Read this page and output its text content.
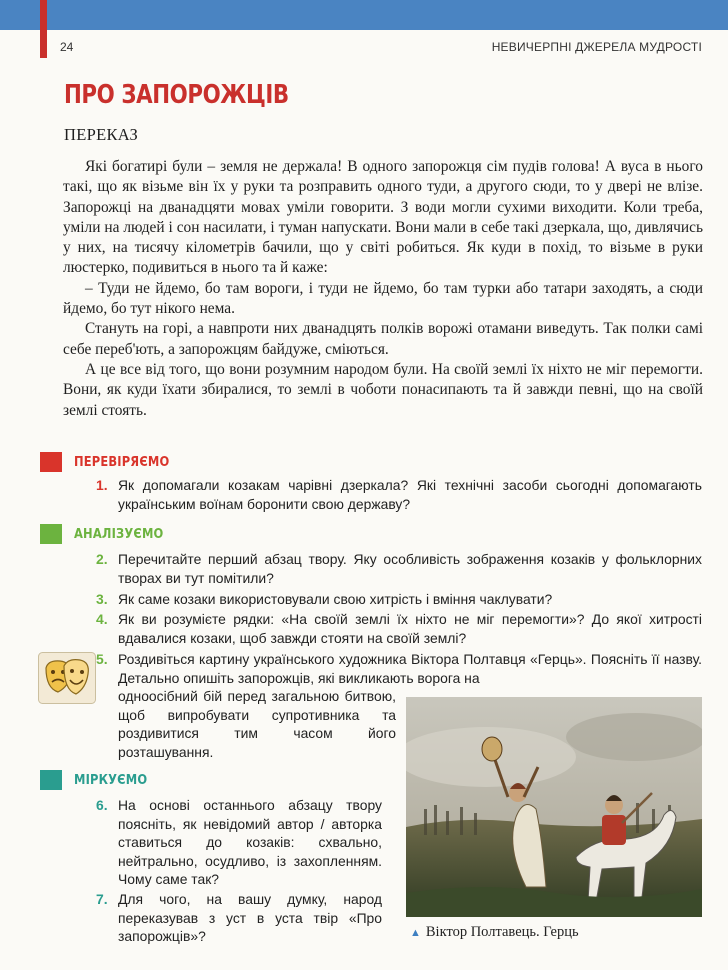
24	НЕВИЧЕРПНІ ДЖЕРЕЛА МУДРОСТІ
ПРО ЗАПОРОЖЦІВ
ПЕРЕКАЗ

Які богатирі були – земля не держала! В одного запорожця сім пудів голова! А вуса в нього такі, що як візьме він їх у руки та розправить одного туди, а другого сюди, то у двері не влізе. Запорожці на дванадцяти мовах уміли говорити. З води могли сухими виходити. Коли треба, уміли на людей і сон насилати, і туман напускати. Вони мали в себе такі дзеркала, що, дивлячись у них, на тисячу кілометрів бачили, що у світі робиться. Як куди в похід, то візьме в руки люстерко, подивиться в нього та й каже:

– Туди не йдемо, бо там вороги, і туди не йдемо, бо там турки або татари заходять, а сюди йдемо, бо тут нікого нема.

Стануть на горі, а навпроти них дванадцять полків ворожі отамани виведуть. Так полки самі себе переб'ють, а запорожцям байдуже, сміються.

А це все від того, що вони розумним народом були. На своїй землі їх ніхто не міг перемогти. Вони, як куди їхати збиралися, то землі в чоботи понасипають та й завжди певні, що на своїй землі стоять.

ПЕРЕВІРЯЄМО
1. Як допомагали козакам чарівні дзеркала? Які технічні засоби сьогодні допомагають українським воїнам боронити свою державу?
АНАЛІЗУЄМО
2. Перечитайте перший абзац твору. Яку особливість зображення козаків у фольклорних творах ви тут помітили?
3. Як саме козаки використовували свою хитрість і вміння чаклувати?
4. Як ви розумієте рядки: «На своїй землі їх ніхто не міг перемогти»? До якої хитрості вдавалися козаки, щоб завжди стояти на своїй землі?
5. Роздивіться картину українського художника Віктора Полтавця «Герць». Поясніть її назву. Детально опишіть запорожців, які викликають ворога на
одноосібний бій перед загальною битвою, щоб випробувати супротивника та роздивитися тим часом його розташування.
МІРКУЄМО
6. На основі останнього абзацу твору поясніть, як невідомий автор / авторка ставиться до козаків: схвально, нейтрально, осудливо, із захопленням. Чому саме так?
7. Для чого, на вашу думку, народ переказував з уст в уста твір «Про запорожців»?	▲ Віктор Полтавець. Герць
